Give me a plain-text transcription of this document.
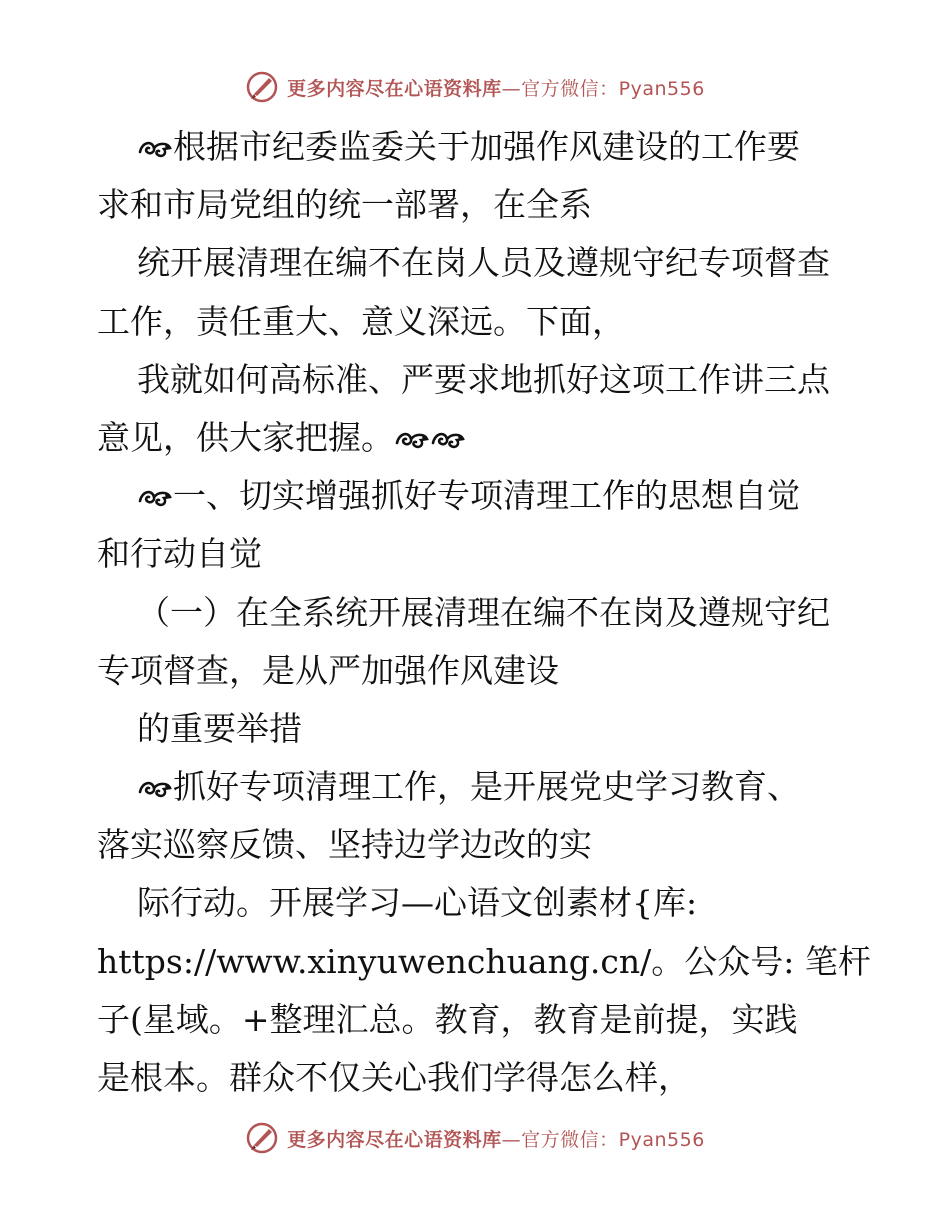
更多内容尽在心语资料库—官方微信：Pyan556
根据市纪委监委关于加强作风建设的工作要
求和市局党组的统一部署，在全系
统开展清理在编不在岗人员及遵规守纪专项督查
工作，责任重大、意义深远。下面，
我就如何高标准、严要求地抓好这项工作讲三点
意见，供大家把握。
一、切实增强抓好专项清理工作的思想自觉
和行动自觉
（一）在全系统开展清理在编不在岗及遵规守纪
专项督查，是从严加强作风建设
的重要举措
抓好专项清理工作，是开展党史学习教育、
落实巡察反馈、坚持边学边改的实
际行动。开展学习—心语文创素材{库:
https://www.xinyuwenchuang.cn/。公众号: 笔杆
子(星域。+整理汇总。教育，教育是前提，实践
是根本。群众不仅关心我们学得怎么样，
更多内容尽在心语资料库—官方微信：Pyan556
